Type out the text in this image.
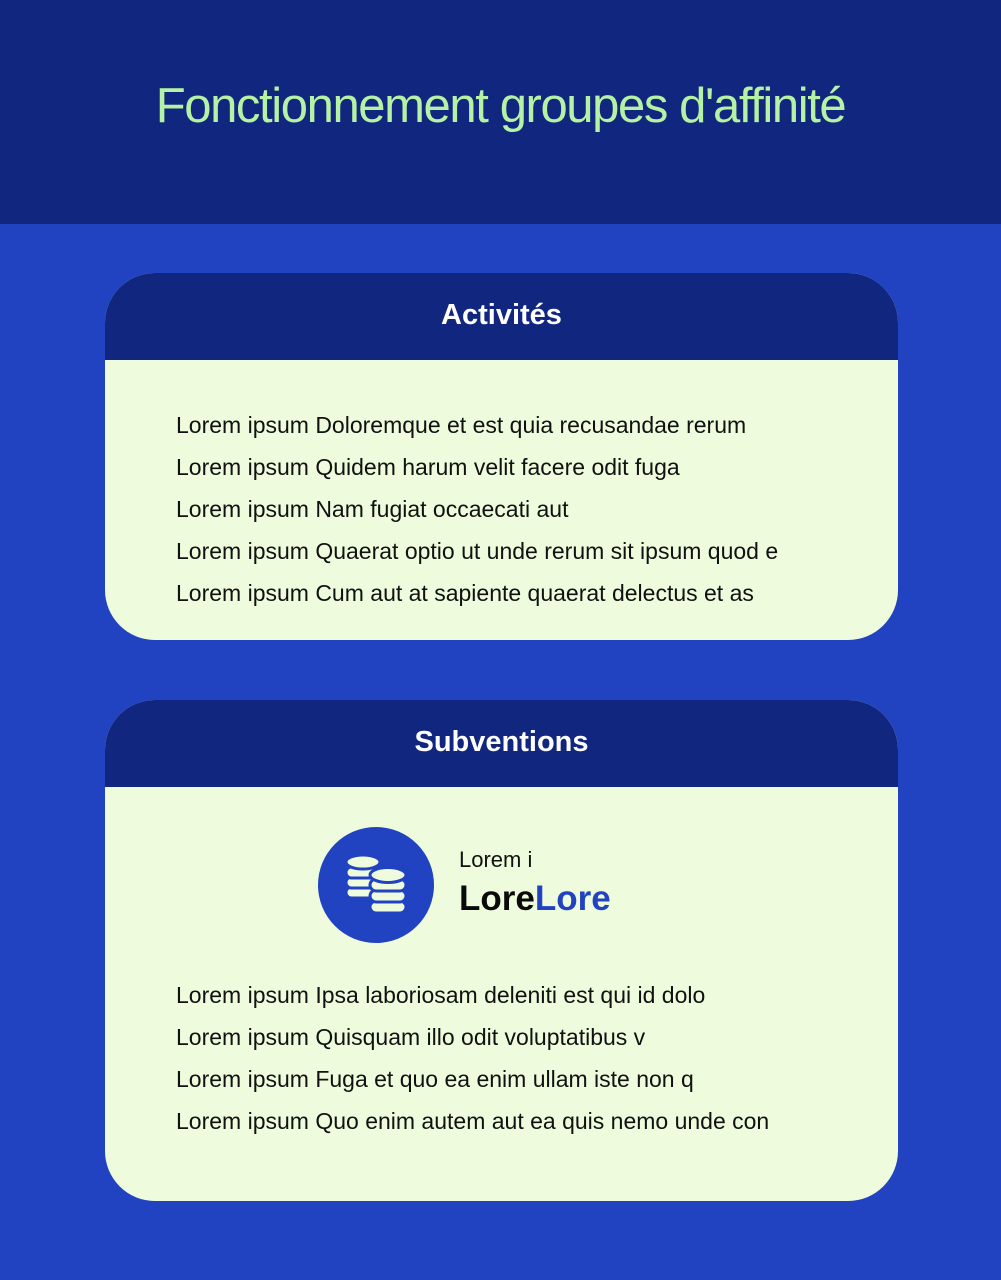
Fonctionnement groupes d'affinité
Activités
Lorem ipsum Doloremque et est quia recusandae rerum
Lorem ipsum Quidem harum velit facere odit fuga
Lorem ipsum Nam fugiat occaecati aut
Lorem ipsum Quaerat optio ut unde rerum sit ipsum quod e
Lorem ipsum Cum aut at sapiente quaerat delectus et as
Subventions
Lorem i
LoreLore
Lorem ipsum Ipsa laboriosam deleniti est qui id dolo
Lorem ipsum Quisquam illo odit voluptatibus v
Lorem ipsum Fuga et quo ea enim ullam iste non q
Lorem ipsum Quo enim autem aut ea quis nemo unde con
